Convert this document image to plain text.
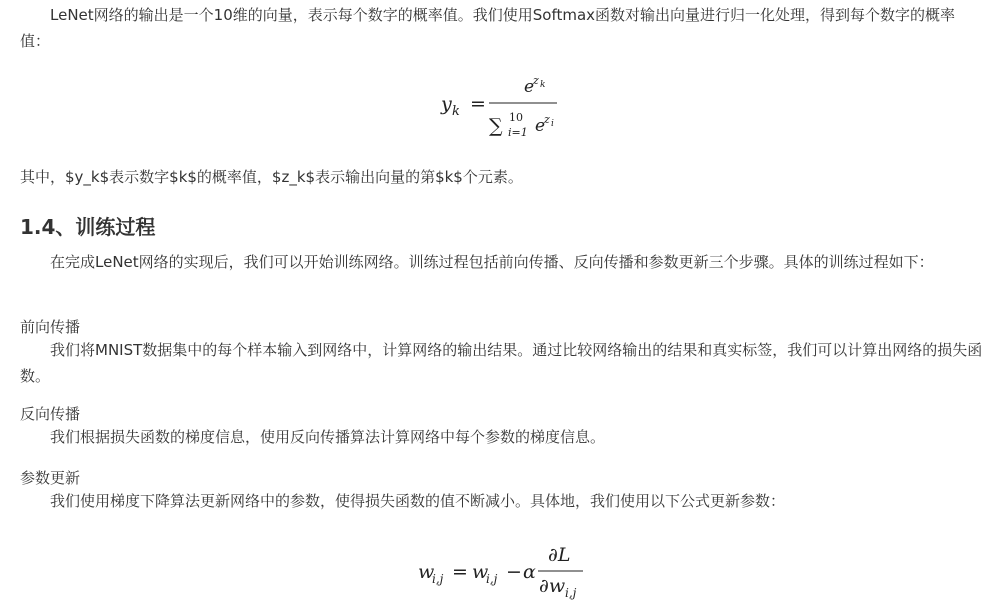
LeNet网络的输出是一个10维的向量，表示每个数字的概率值。我们使用Softmax函数对输出向量进行归一化处理，得到每个数字的概率值：

y k =
e
z k
∑ 10
i=1 e
z i

其中，$y_k$表示数字$k$的概率值，$z_k$表示输出向量的第$k$个元素。

1.4、训练过程

在完成LeNet网络的实现后，我们可以开始训练网络。训练过程包括前向传播、反向传播和参数更新三个步骤。具体的训练过程如下：

前向传播

我们将MNIST数据集中的每个样本输入到网络中，计算网络的输出结果。通过比较网络输出的结果和真实标签，我们可以计算出网络的损失函数。

反向传播

我们根据损失函数的梯度信息，使用反向传播算法计算网络中每个参数的梯度信息。

参数更新

我们使用梯度下降算法更新网络中的参数，使得损失函数的值不断减小。具体地，我们使用以下公式更新参数：

w
i,j = w
i,j − α
∂L
∂w i,j
